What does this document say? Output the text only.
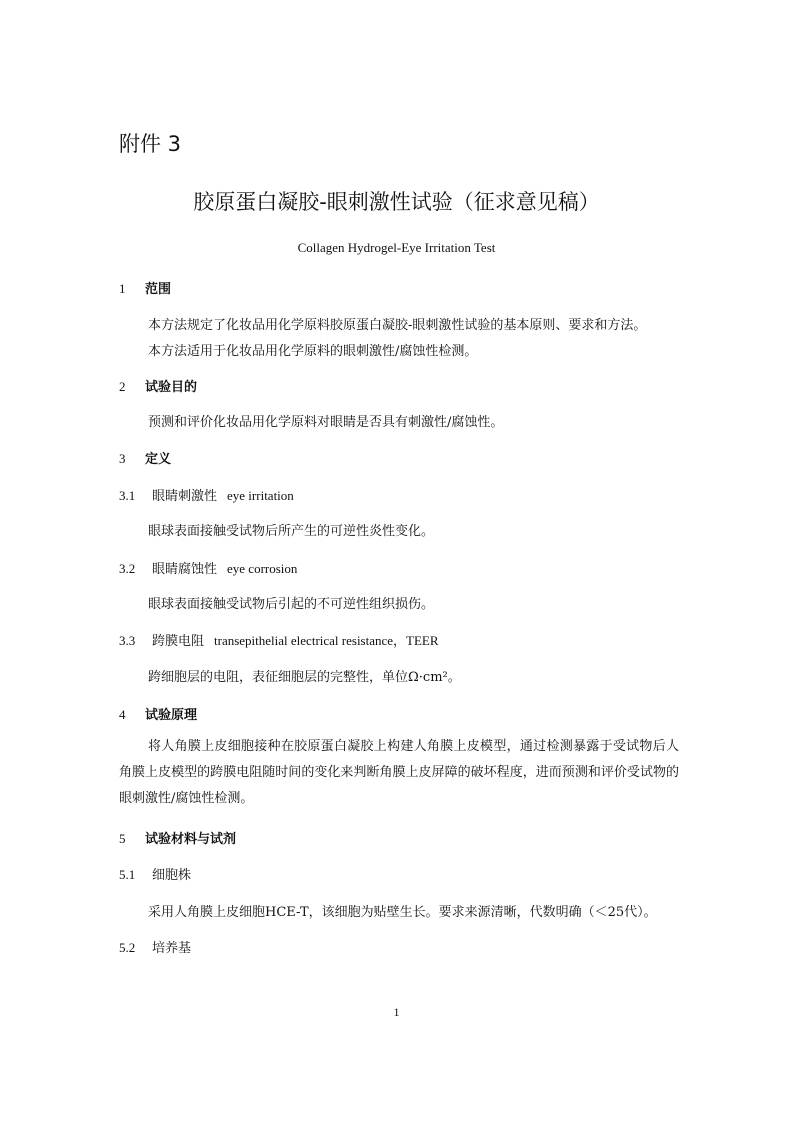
附件 3
胶原蛋白凝胶-眼刺激性试验（征求意见稿）
Collagen Hydrogel-Eye Irritation Test
1 范围
本方法规定了化妆品用化学原料胶原蛋白凝胶-眼刺激性试验的基本原则、要求和方法。
本方法适用于化妆品用化学原料的眼刺激性/腐蚀性检测。
2 试验目的
预测和评价化妆品用化学原料对眼睛是否具有刺激性/腐蚀性。
3 定义
3.1 眼睛刺激性 eye irritation
眼球表面接触受试物后所产生的可逆性炎性变化。
3.2 眼睛腐蚀性 eye corrosion
眼球表面接触受试物后引起的不可逆性组织损伤。
3.3 跨膜电阻 transepithelial electrical resistance，TEER
跨细胞层的电阻，表征细胞层的完整性，单位Ω·cm²。
4 试验原理
将人角膜上皮细胞接种在胶原蛋白凝胶上构建人角膜上皮模型，通过检测暴露于受试物后人角膜上皮模型的跨膜电阻随时间的变化来判断角膜上皮屏障的破坏程度，进而预测和评价受试物的眼刺激性/腐蚀性检测。
5 试验材料与试剂
5.1 细胞株
采用人角膜上皮细胞HCE-T，该细胞为贴壁生长。要求来源清晰，代数明确（＜25代）。
5.2 培养基
1
